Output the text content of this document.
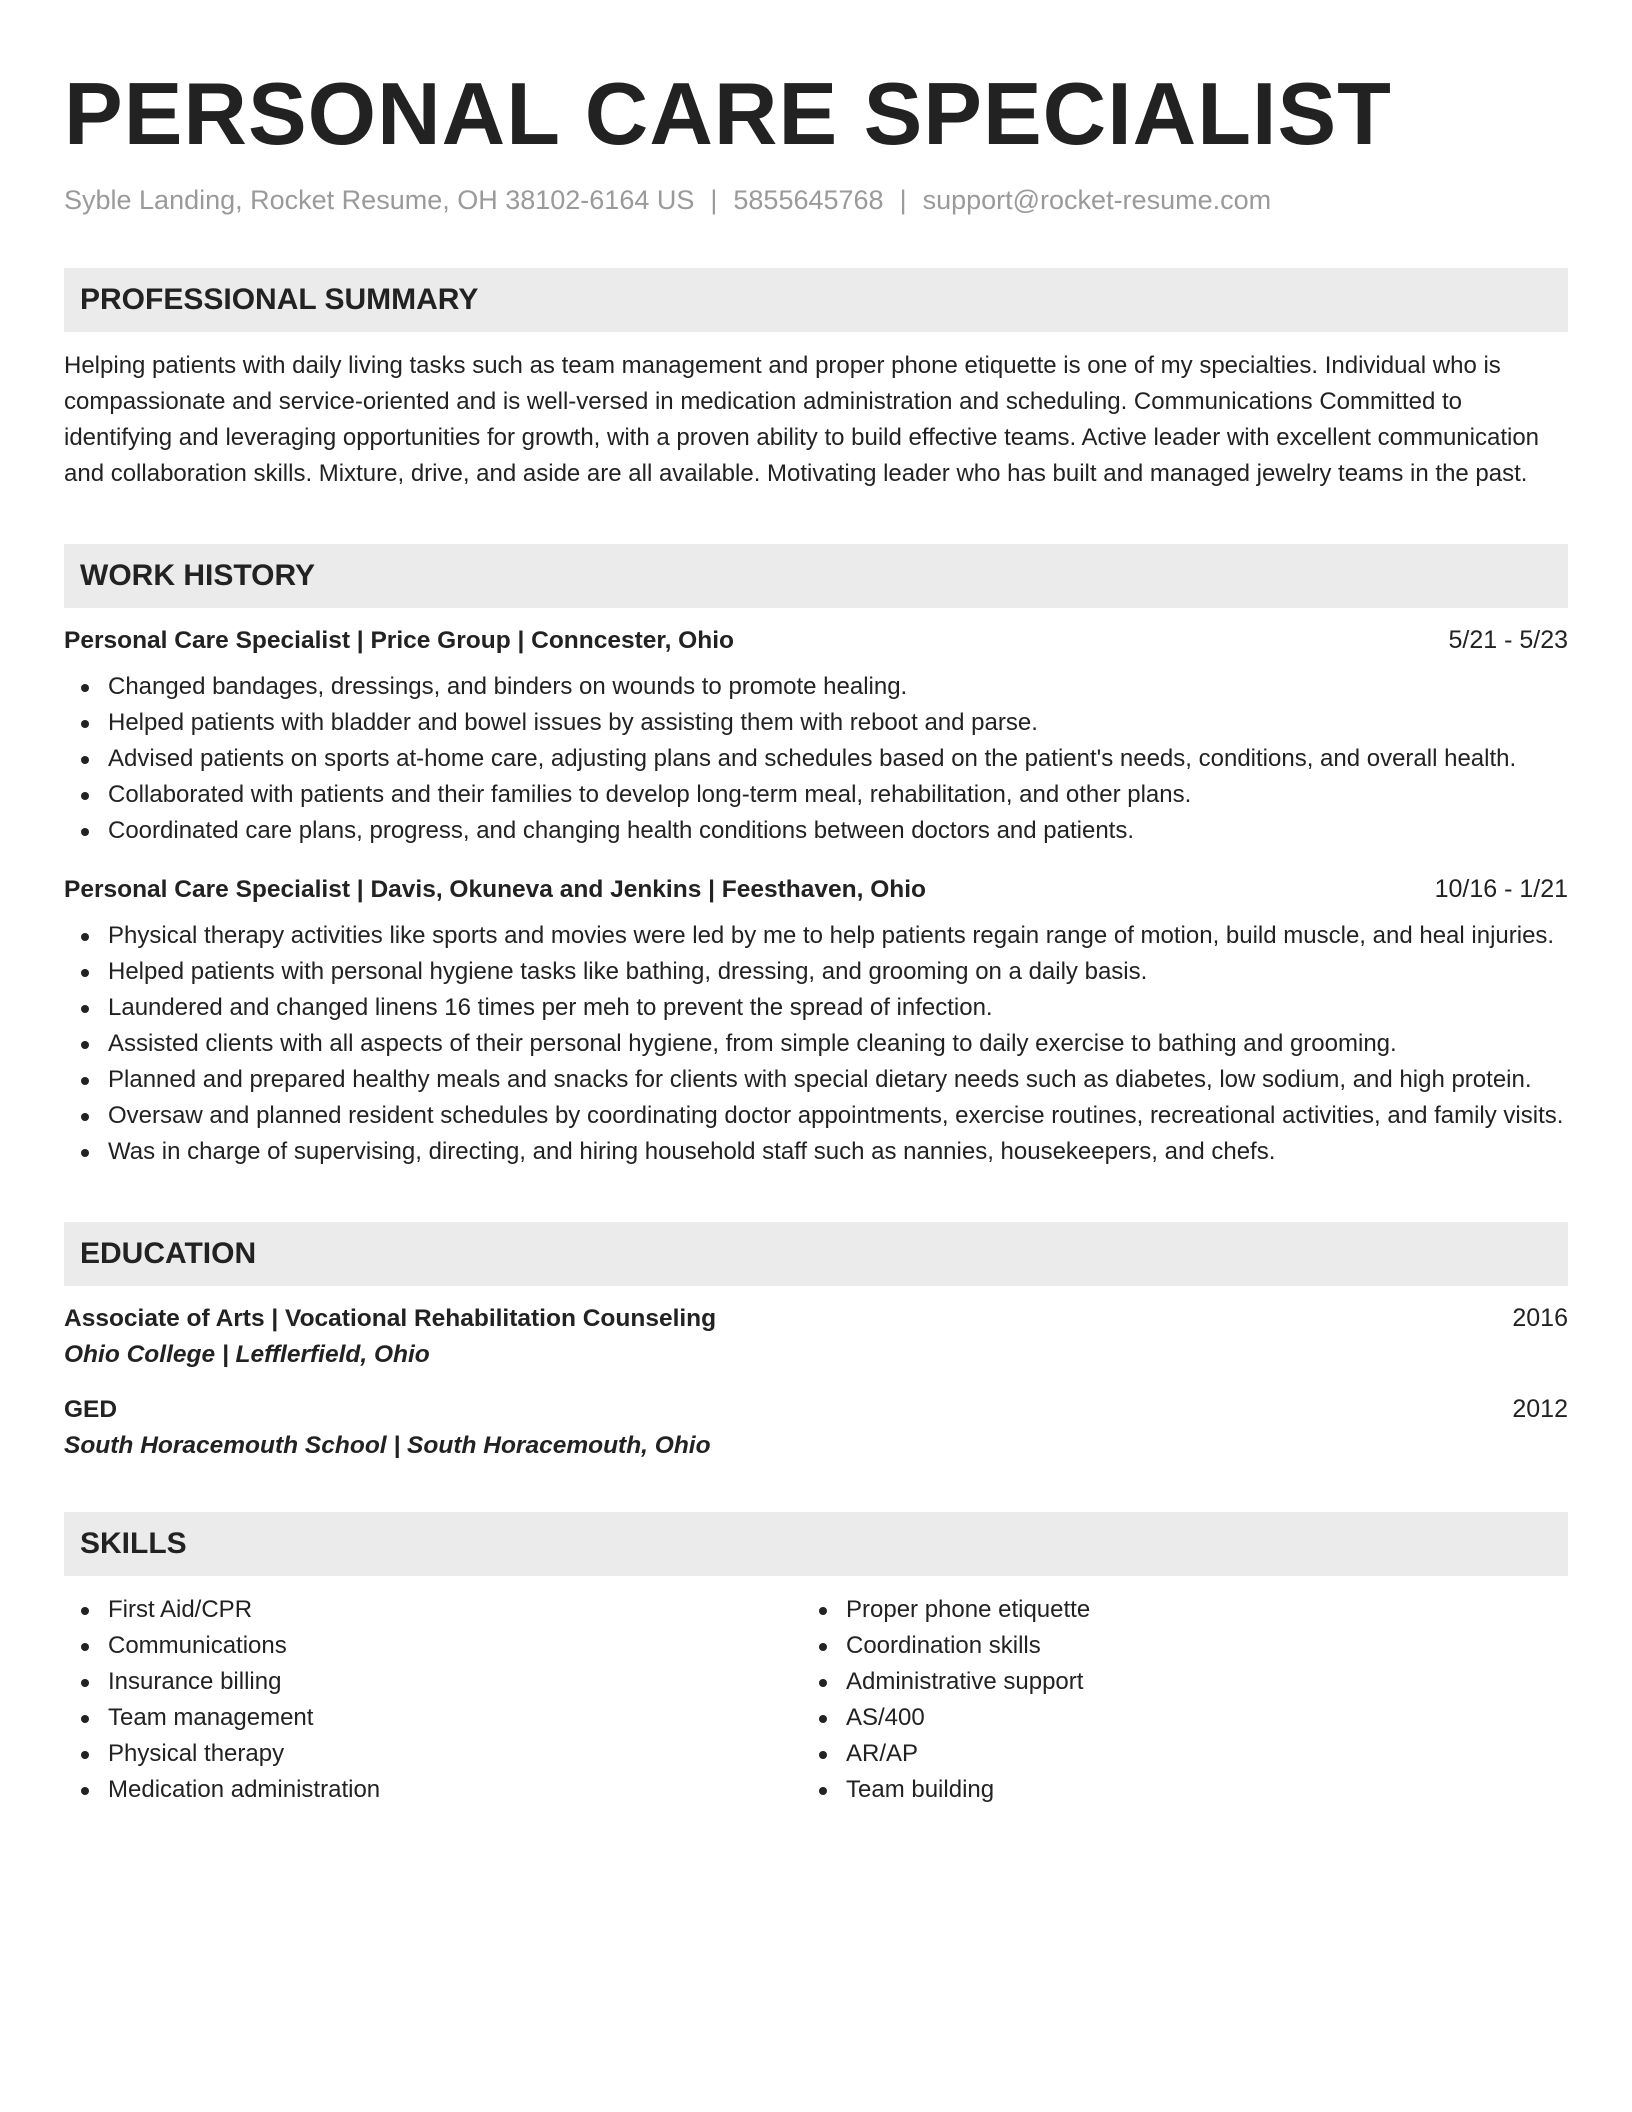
PERSONAL CARE SPECIALIST
Syble Landing, Rocket Resume, OH 38102-6164 US | 5855645768 | support@rocket-resume.com
PROFESSIONAL SUMMARY

Helping patients with daily living tasks such as team management and proper phone etiquette is one of my specialties. Individual who is compassionate and service-oriented and is well-versed in medication administration and scheduling. Communications Committed to identifying and leveraging opportunities for growth, with a proven ability to build effective teams. Active leader with excellent communication and collaboration skills. Mixture, drive, and aside are all available. Motivating leader who has built and managed jewelry teams in the past.

WORK HISTORY
Personal Care Specialist | Price Group | Conncester, Ohio	5/21 - 5/23
Changed bandages, dressings, and binders on wounds to promote healing.
Helped patients with bladder and bowel issues by assisting them with reboot and parse.
Advised patients on sports at-home care, adjusting plans and schedules based on the patient's needs, conditions, and overall health.
Collaborated with patients and their families to develop long-term meal, rehabilitation, and other plans.
Coordinated care plans, progress, and changing health conditions between doctors and patients.
Personal Care Specialist | Davis, Okuneva and Jenkins | Feesthaven, Ohio	10/16 - 1/21
Physical therapy activities like sports and movies were led by me to help patients regain range of motion, build muscle, and heal injuries.
Helped patients with personal hygiene tasks like bathing, dressing, and grooming on a daily basis.
Laundered and changed linens 16 times per meh to prevent the spread of infection.
Assisted clients with all aspects of their personal hygiene, from simple cleaning to daily exercise to bathing and grooming.
Planned and prepared healthy meals and snacks for clients with special dietary needs such as diabetes, low sodium, and high protein.
Oversaw and planned resident schedules by coordinating doctor appointments, exercise routines, recreational activities, and family visits.
Was in charge of supervising, directing, and hiring household staff such as nannies, housekeepers, and chefs.
EDUCATION
Associate of Arts | Vocational Rehabilitation Counseling	2016
Ohio College | Lefflerfield, Ohio
GED	2012
South Horacemouth School | South Horacemouth, Ohio
SKILLS
First Aid/CPR
Communications
Insurance billing
Team management
Physical therapy
Medication administration
Proper phone etiquette
Coordination skills
Administrative support
AS/400
AR/AP
Team building
